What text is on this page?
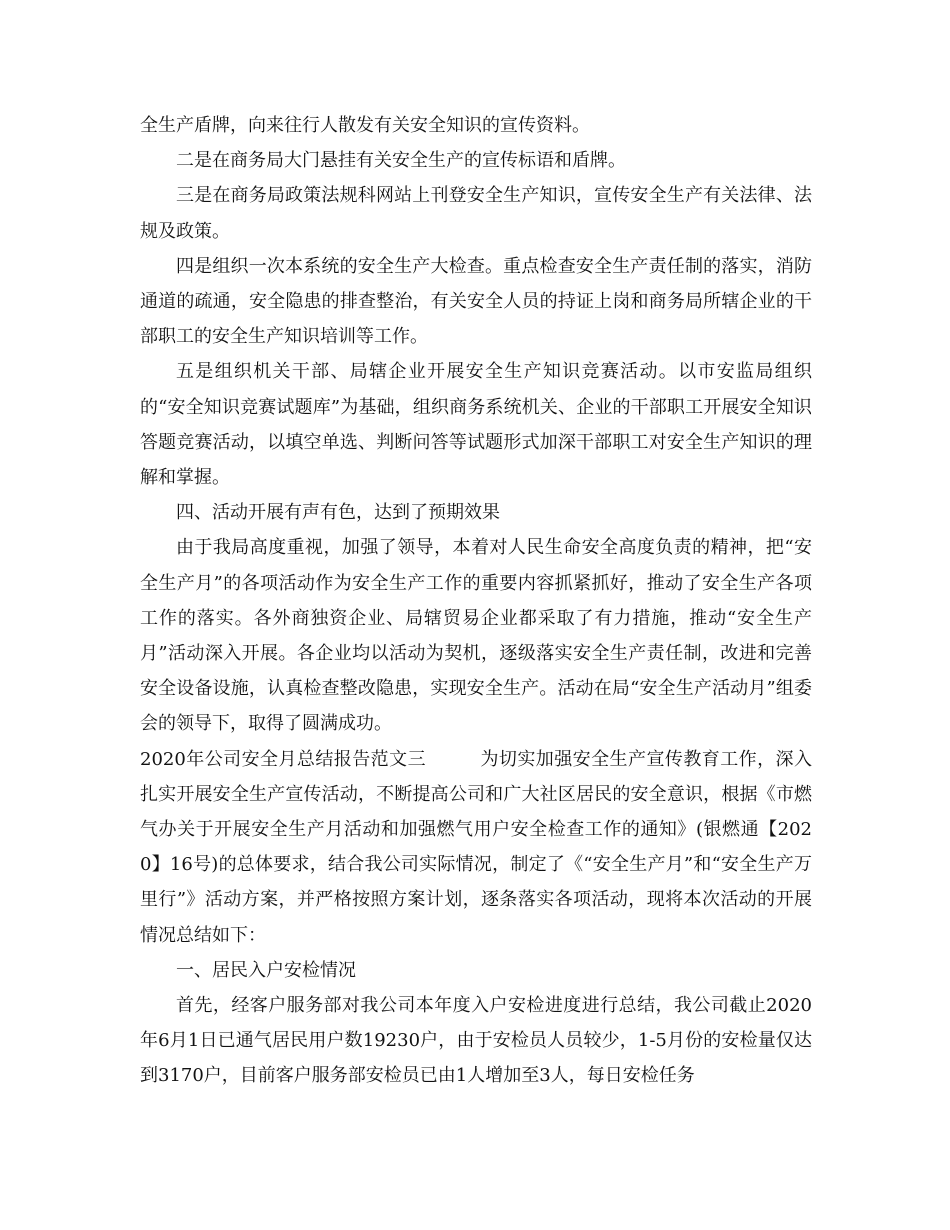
全生产盾牌，向来往行人散发有关安全知识的宣传资料。

二是在商务局大门悬挂有关安全生产的宣传标语和盾牌。

三是在商务局政策法规科网站上刊登安全生产知识，宣传安全生产有关法律、法规及政策。

四是组织一次本系统的安全生产大检查。重点检查安全生产责任制的落实，消防通道的疏通，安全隐患的排查整治，有关安全人员的持证上岗和商务局所辖企业的干部职工的安全生产知识培训等工作。

五是组织机关干部、局辖企业开展安全生产知识竞赛活动。以市安监局组织的“安全知识竞赛试题库”为基础，组织商务系统机关、企业的干部职工开展安全知识答题竞赛活动，以填空单选、判断问答等试题形式加深干部职工对安全生产知识的理解和掌握。

四、活动开展有声有色，达到了预期效果

由于我局高度重视，加强了领导，本着对人民生命安全高度负责的精神，把“安全生产月”的各项活动作为安全生产工作的重要内容抓紧抓好，推动了安全生产各项工作的落实。各外商独资企业、局辖贸易企业都采取了有力措施，推动“安全生产月”活动深入开展。各企业均以活动为契机，逐级落实安全生产责任制，改进和完善安全设备设施，认真检查整改隐患，实现安全生产。活动在局“安全生产活动月”组委会的领导下，取得了圆满成功。

2020年公司安全月总结报告范文三	为切实加强安全生产宣传教育工作，深入扎实开展安全生产宣传活动，不断提高公司和广大社区居民的安全意识，根据《市燃气办关于开展安全生产月活动和加强燃气用户安全检查工作的通知》(银燃通【2020】16号)的总体要求，结合我公司实际情况，制定了《“安全生产月”和“安全生产万里行”》活动方案，并严格按照方案计划，逐条落实各项活动，现将本次活动的开展情况总结如下：

一、居民入户安检情况

首先，经客户服务部对我公司本年度入户安检进度进行总结，我公司截止2020年6月1日已通气居民用户数19230户，由于安检员人员较少，1-5月份的安检量仅达到3170户，目前客户服务部安检员已由1人增加至3人，每日安检任务
